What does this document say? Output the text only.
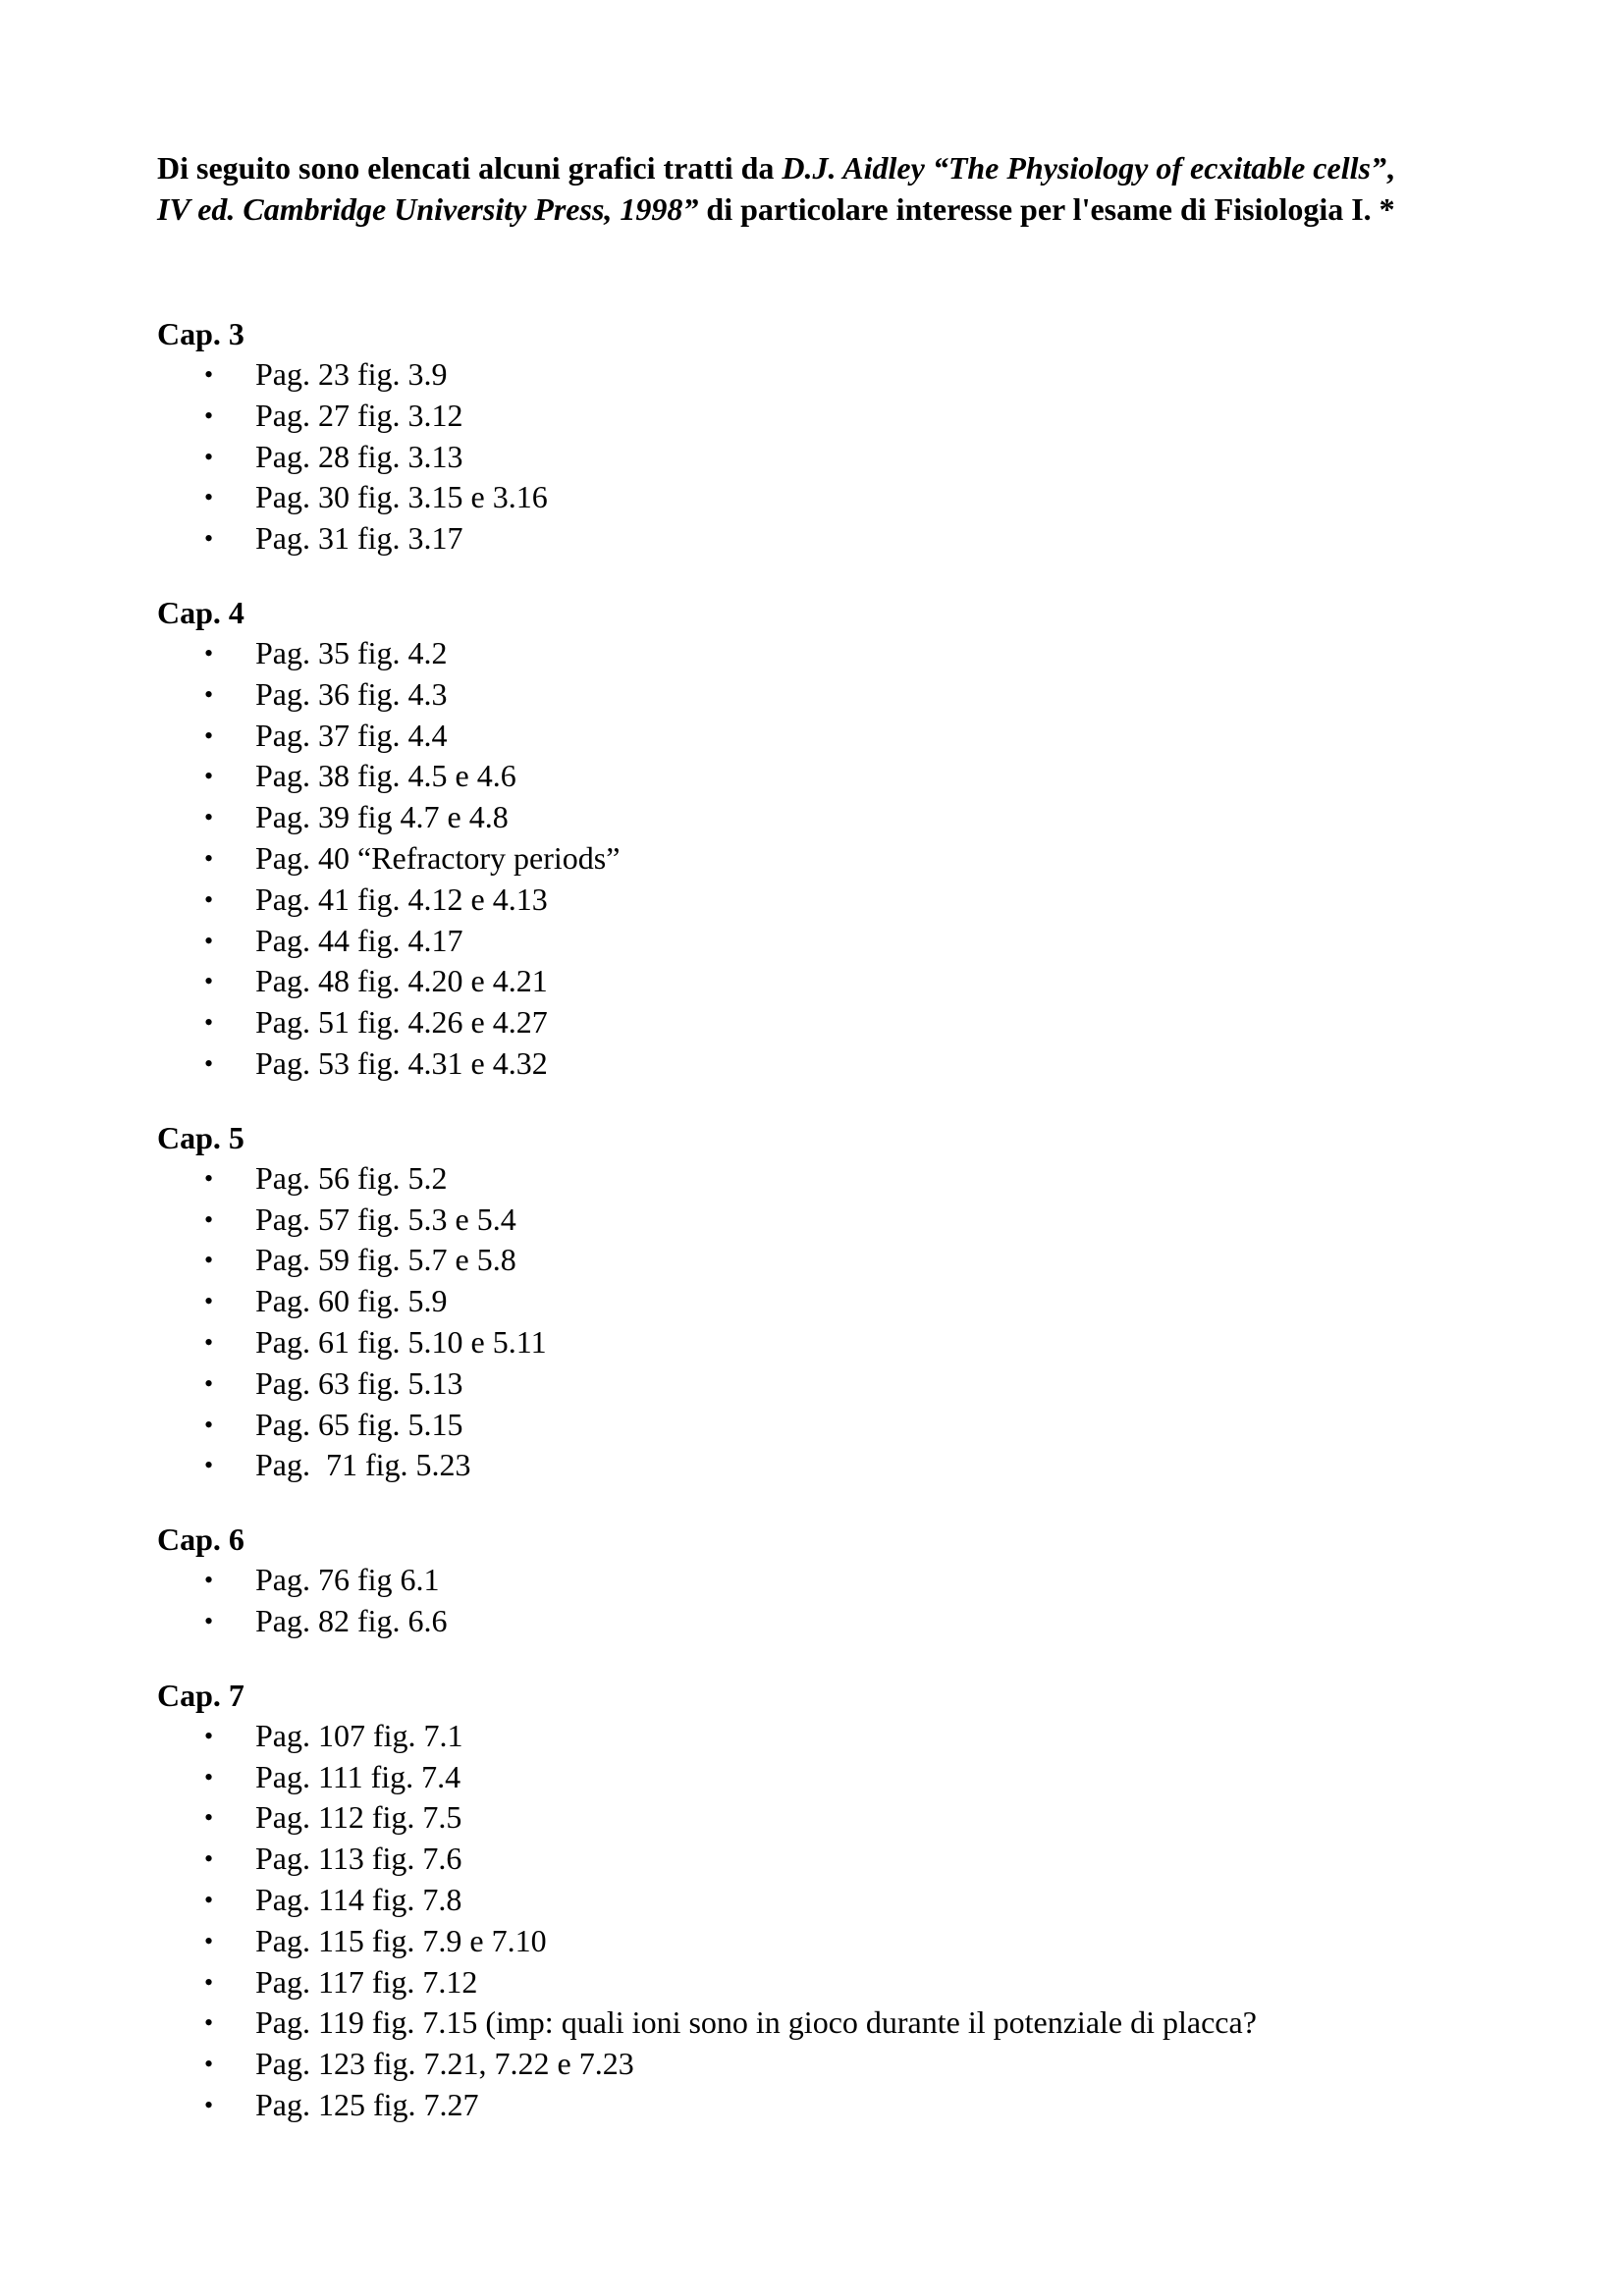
Di seguito sono elencati alcuni grafici tratti da D.J. Aidley “The Physiology of ecxitable cells”,
IV ed. Cambridge University Press, 1998” di particolare interesse per l'esame di Fisiologia I. *

Cap. 3
• Pag. 23 fig. 3.9
• Pag. 27 fig. 3.12
• Pag. 28 fig. 3.13
• Pag. 30 fig. 3.15 e 3.16
• Pag. 31 fig. 3.17
Cap. 4
• Pag. 35 fig. 4.2
• Pag. 36 fig. 4.3
• Pag. 37 fig. 4.4
• Pag. 38 fig. 4.5 e 4.6
• Pag. 39 fig 4.7 e 4.8
• Pag. 40 “Refractory periods”
• Pag. 41 fig. 4.12 e 4.13
• Pag. 44 fig. 4.17
• Pag. 48 fig. 4.20 e 4.21
• Pag. 51 fig. 4.26 e 4.27
• Pag. 53 fig. 4.31 e 4.32
Cap. 5
• Pag. 56 fig. 5.2
• Pag. 57 fig. 5.3 e 5.4
• Pag. 59 fig. 5.7 e 5.8
• Pag. 60 fig. 5.9
• Pag. 61 fig. 5.10 e 5.11
• Pag. 63 fig. 5.13
• Pag. 65 fig. 5.15
• Pag.  71 fig. 5.23
Cap. 6
• Pag. 76 fig 6.1
• Pag. 82 fig. 6.6
Cap. 7
• Pag. 107 fig. 7.1
• Pag. 111 fig. 7.4
• Pag. 112 fig. 7.5
• Pag. 113 fig. 7.6
• Pag. 114 fig. 7.8
• Pag. 115 fig. 7.9 e 7.10
• Pag. 117 fig. 7.12
• Pag. 119 fig. 7.15 (imp: quali ioni sono in gioco durante il potenziale di placca?
• Pag. 123 fig. 7.21, 7.22 e 7.23
• Pag. 125 fig. 7.27
